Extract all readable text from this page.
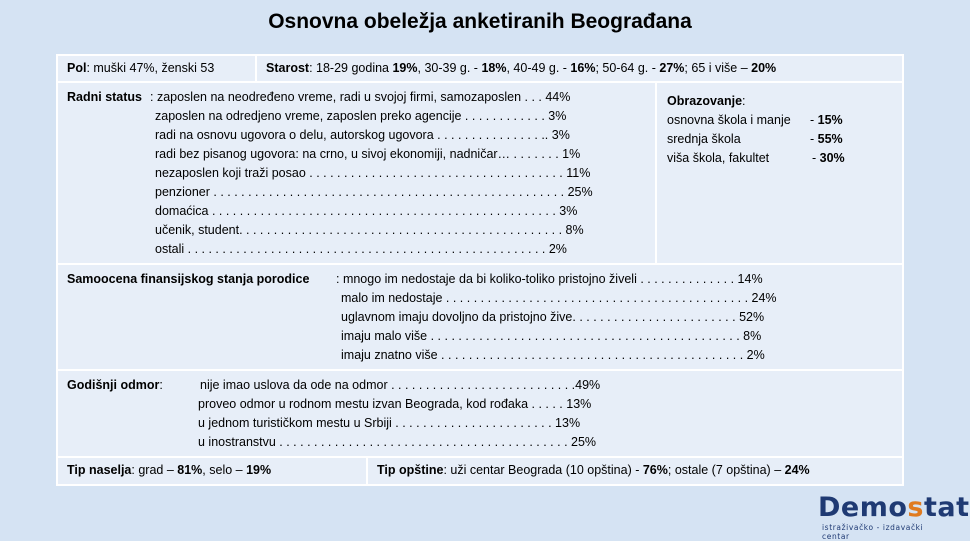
Osnovna obeležja anketiranih Beograđana
Pol: muški 47%, ženski 53	Starost: 18-29 godina 19%, 30-39 g. - 18%, 40-49 g. - 16%; 50-64 g. - 27%; 65 i više – 20%
Radni status : zaposlen na neodređeno vreme, radi u svojoj firmi, samozaposlen . . . 44%
zaposlen na odredjeno vreme, zaposlen preko agencije . . . . . . . . . . . . 3%
radi na osnovu ugovora o delu, autorskog ugovora . . . . . . . . . . . . . . . .. 3%
radi bez pisanog ugovora: na crno, u sivoj ekonomiji, nadničar… . . . . . . . 1%
nezaposlen koji traži posao . . . . . . . . . . . . . . . . . . . . . . . . . . . . . . . . . . . . . 11%
penzioner . . . . . . . . . . . . . . . . . . . . . . . . . . . . . . . . . . . . . . . . . . . . . . . . . . . 25%
domaćica . . . . . . . . . . . . . . . . . . . . . . . . . . . . . . . . . . . . . . . . . . . . . . . . . . 3%
učenik, student. . . . . . . . . . . . . . . . . . . . . . . . . . . . . . . . . . . . . . . . . . . . . . . 8%
ostali . . . . . . . . . . . . . . . . . . . . . . . . . . . . . . . . . . . . . . . . . . . . . . . . . . . . 2%
Obrazovanje:
osnovna škola i manje - 15%
srednja škola	- 55%
viša škola, fakultet	- 30%
Samoocena finansijskog stanja porodice : mnogo im nedostaje da bi koliko-toliko pristojno živeli . . . . . . . . . . . . . . 14%
malo im nedostaje . . . . . . . . . . . . . . . . . . . . . . . . . . . . . . . . . . . . . . . . . . . . 24%
uglavnom imaju dovoljno da pristojno žive. . . . . . . . . . . . . . . . . . . . . . . . 52%
imaju malo više . . . . . . . . . . . . . . . . . . . . . . . . . . . . . . . . . . . . . . . . . . . . . 8%
imaju znatno više . . . . . . . . . . . . . . . . . . . . . . . . . . . . . . . . . . . . . . . . . . . . 2%
Godišnji odmor:	nije imao uslova da ode na odmor . . . . . . . . . . . . . . . . . . . . . . . . . . .49%
proveo odmor u rodnom mestu izvan Beograda, kod rođaka . . . . . 13%
u jednom turističkom mestu u Srbiji . . . . . . . . . . . . . . . . . . . . . . . 13%
u inostranstvu . . . . . . . . . . . . . . . . . . . . . . . . . . . . . . . . . . . . . . . . . . 25%
Tip naselja: grad – 81%, selo – 19%	Tip opštine: uži centar Beograda (10 opština) - 76%; ostale (7 opština) – 24%
Demostat
istraživačko - izdavački centar
